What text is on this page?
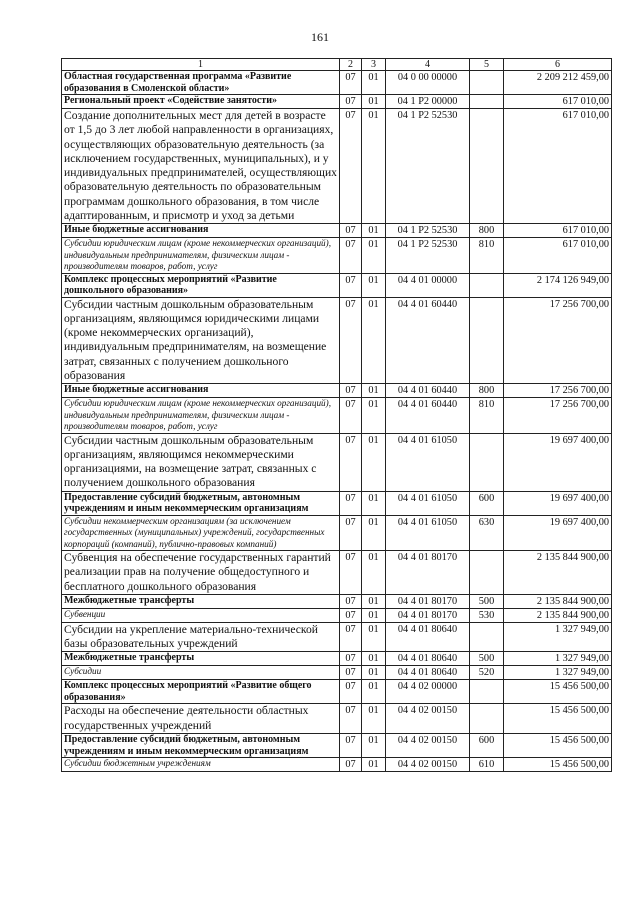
161
1	2	3	4	5	6
Областная государственная программа «Развитие образования в Смоленской области»	07	01	04 0 00 00000		2 209 212 459,00
Региональный проект «Содействие занятости»	07	01	04 1 Р2 00000		617 010,00
Создание дополнительных мест для детей в возрасте от 1,5 до 3 лет любой направленности в организациях, осуществляющих образовательную деятельность (за исключением государственных, муниципальных), и у индивидуальных предпринимателей, осуществляющих образовательную деятельность по образовательным программам дошкольного образования, в том числе адаптированным, и присмотр и уход за детьми	07	01	04 1 Р2 52530		617 010,00
Иные бюджетные ассигнования	07	01	04 1 Р2 52530	800	617 010,00
Субсидии юридическим лицам (кроме некоммерческих организаций), индивидуальным предпринимателям, физическим лицам - производителям товаров, работ, услуг	07	01	04 1 Р2 52530	810	617 010,00
Комплекс процессных мероприятий «Развитие дошкольного образования»	07	01	04 4 01 00000		2 174 126 949,00
Субсидии частным дошкольным образовательным организациям, являющимся юридическими лицами (кроме некоммерческих организаций), индивидуальным предпринимателям, на возмещение затрат, связанных с получением дошкольного образования	07	01	04 4 01 60440		17 256 700,00
Иные бюджетные ассигнования	07	01	04 4 01 60440	800	17 256 700,00
Субсидии юридическим лицам (кроме некоммерческих организаций), индивидуальным предпринимателям, физическим лицам - производителям товаров, работ, услуг	07	01	04 4 01 60440	810	17 256 700,00
Субсидии частным дошкольным образовательным организациям, являющимся некоммерческими организациями, на возмещение затрат, связанных с получением дошкольного образования	07	01	04 4 01 61050		19 697 400,00
Предоставление субсидий бюджетным, автономным учреждениям и иным некоммерческим организациям	07	01	04 4 01 61050	600	19 697 400,00
Субсидии некоммерческим организациям (за исключением государственных (муниципальных) учреждений, государственных корпораций (компаний), публично-правовых компаний)	07	01	04 4 01 61050	630	19 697 400,00
Субвенция на обеспечение государственных гарантий реализации прав на получение общедоступного и бесплатного дошкольного образования	07	01	04 4 01 80170		2 135 844 900,00
Межбюджетные трансферты	07	01	04 4 01 80170	500	2 135 844 900,00
Субвенции	07	01	04 4 01 80170	530	2 135 844 900,00
Субсидии на укрепление материально-технической базы образовательных учреждений	07	01	04 4 01 80640		1 327 949,00
Межбюджетные трансферты	07	01	04 4 01 80640	500	1 327 949,00
Субсидии	07	01	04 4 01 80640	520	1 327 949,00
Комплекс процессных мероприятий «Развитие общего образования»	07	01	04 4 02 00000		15 456 500,00
Расходы на обеспечение деятельности областных государственных учреждений	07	01	04 4 02 00150		15 456 500,00
Предоставление субсидий бюджетным, автономным учреждениям и иным некоммерческим организациям	07	01	04 4 02 00150	600	15 456 500,00
Субсидии бюджетным учреждениям	07	01	04 4 02 00150	610	15 456 500,00
